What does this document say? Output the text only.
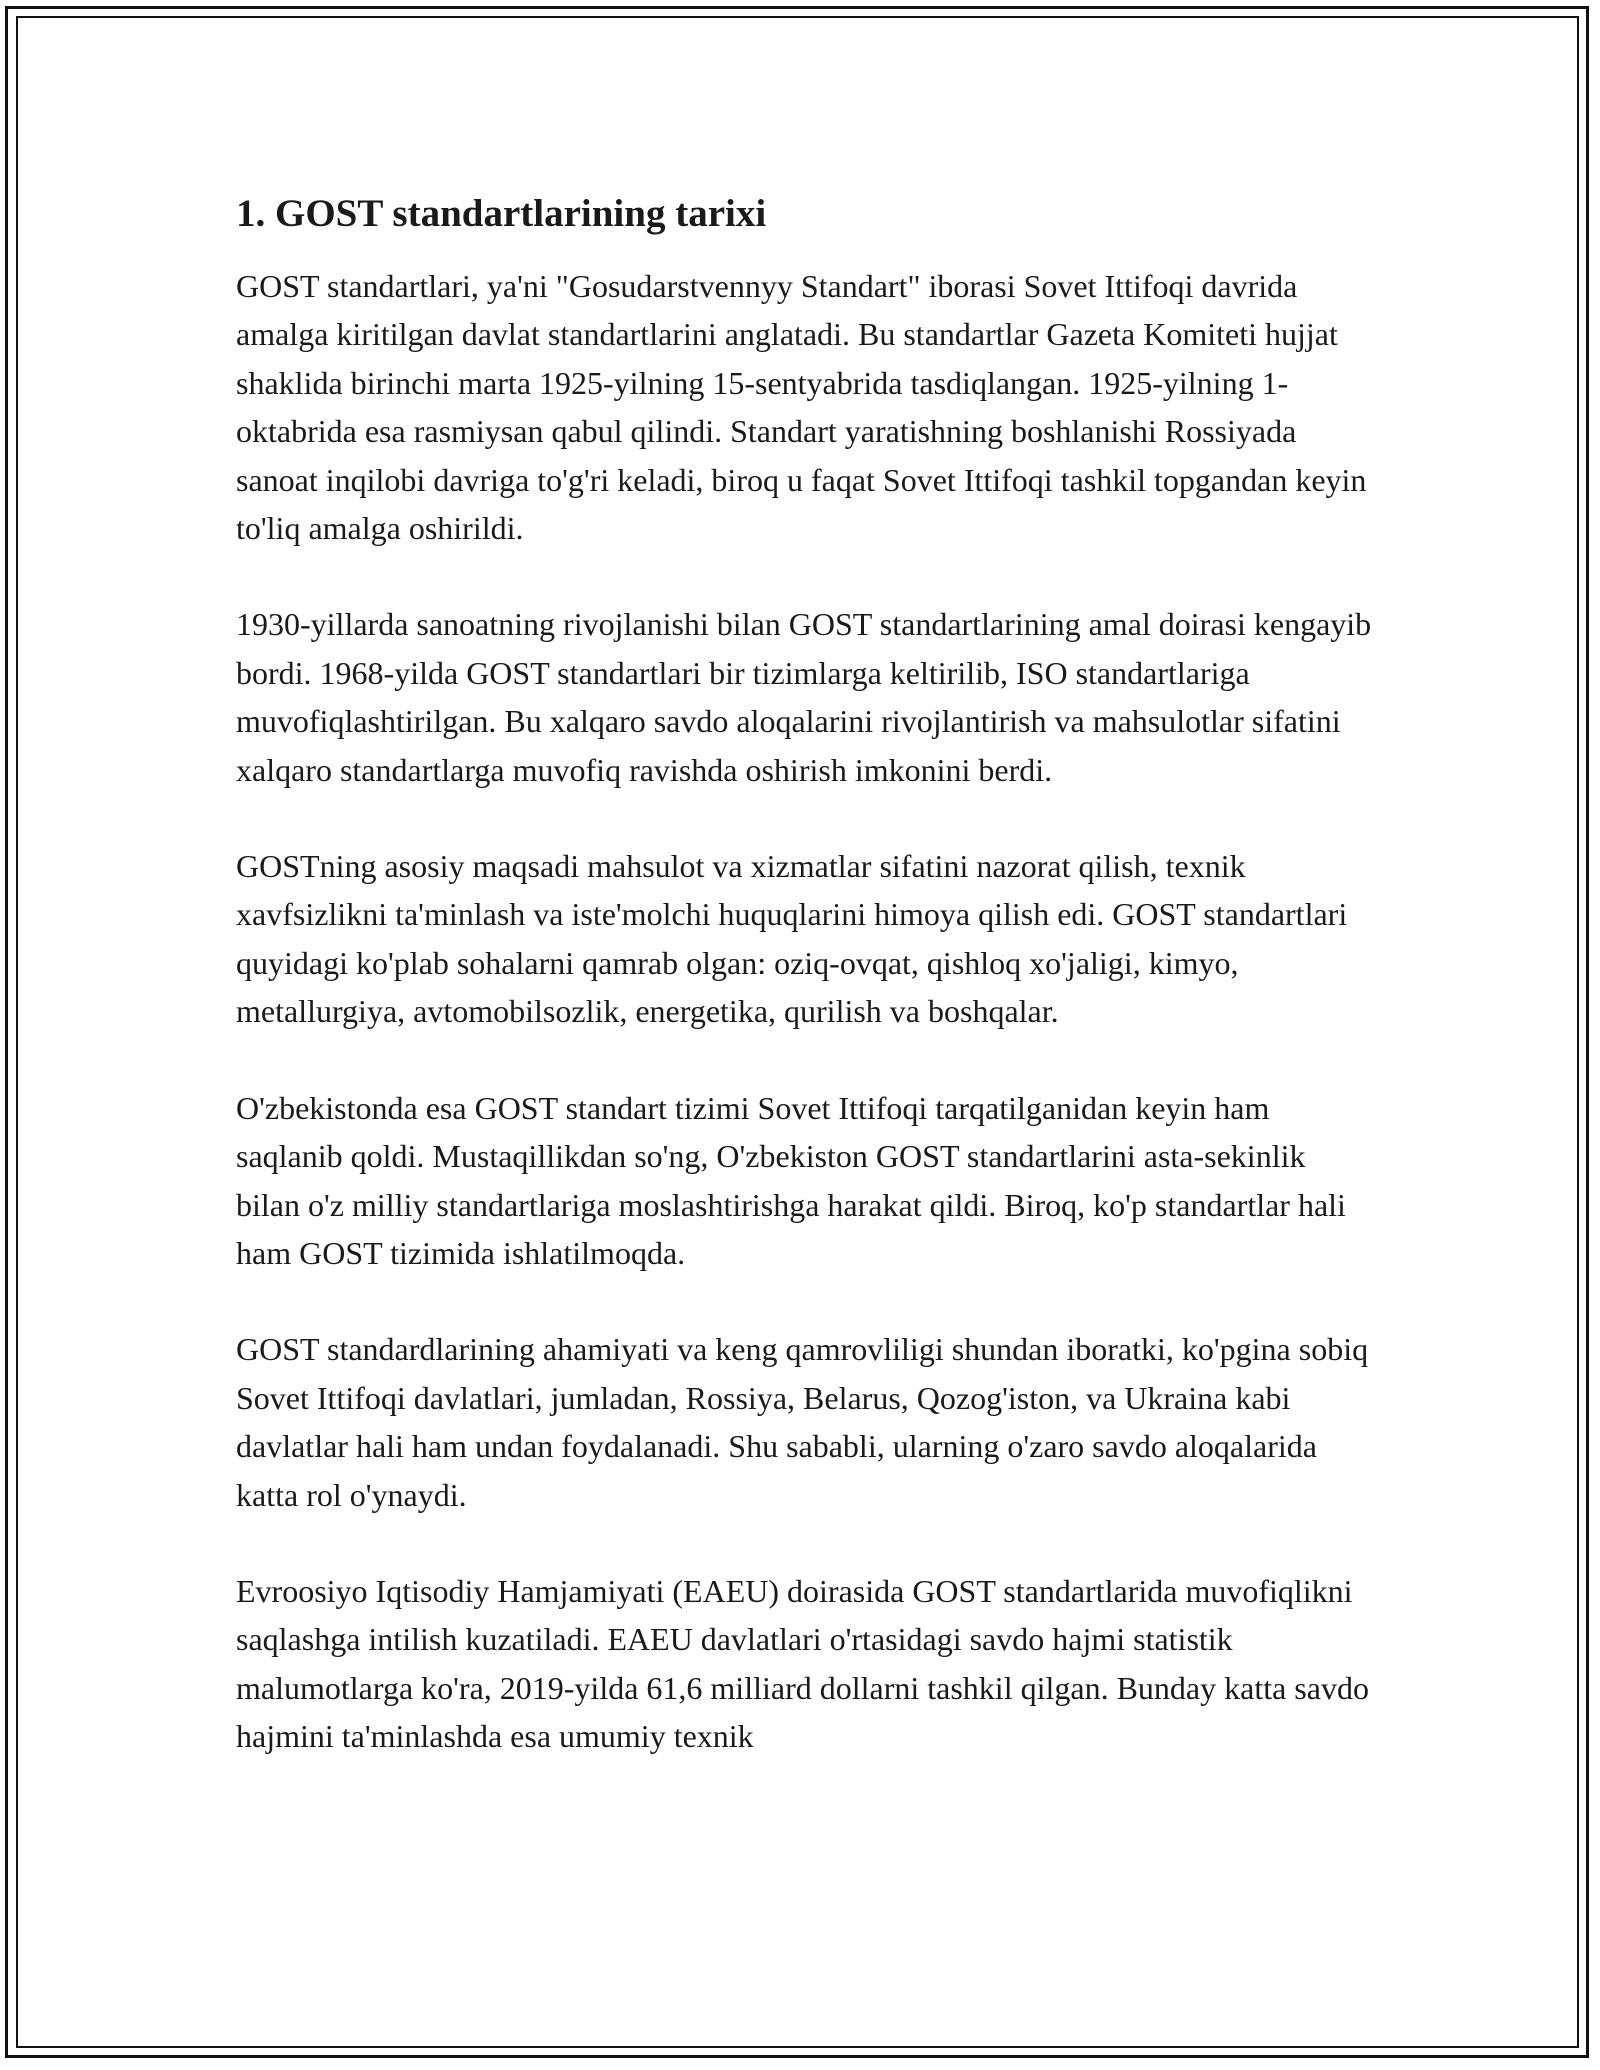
1. GOST standartlarining tarixi

GOST standartlari, ya'ni "Gosudarstvennyy Standart" iborasi Sovet Ittifoqi davrida amalga kiritilgan davlat standartlarini anglatadi. Bu standartlar Gazeta Komiteti hujjat shaklida birinchi marta 1925-yilning 15-sentyabrida tasdiqlangan. 1925-yilning 1-oktabrida esa rasmiysan qabul qilindi. Standart yaratishning boshlanishi Rossiyada sanoat inqilobi davriga to'g'ri keladi, biroq u faqat Sovet Ittifoqi tashkil topgandan keyin to'liq amalga oshirildi.

1930-yillarda sanoatning rivojlanishi bilan GOST standartlarining amal doirasi kengayib bordi. 1968-yilda GOST standartlari bir tizimlarga keltirilib, ISO standartlariga muvofiqlashtirilgan. Bu xalqaro savdo aloqalarini rivojlantirish va mahsulotlar sifatini xalqaro standartlarga muvofiq ravishda oshirish imkonini berdi.

GOSTning asosiy maqsadi mahsulot va xizmatlar sifatini nazorat qilish, texnik xavfsizlikni ta'minlash va iste'molchi huquqlarini himoya qilish edi. GOST standartlari quyidagi ko'plab sohalarni qamrab olgan: oziq-ovqat, qishloq xo'jaligi, kimyo, metallurgiya, avtomobilsozlik, energetika, qurilish va boshqalar.

O'zbekistonda esa GOST standart tizimi Sovet Ittifoqi tarqatilganidan keyin ham saqlanib qoldi. Mustaqillikdan so'ng, O'zbekiston GOST standartlarini asta-sekinlik bilan o'z milliy standartlariga moslashtirishga harakat qildi. Biroq, ko'p standartlar hali ham GOST tizimida ishlatilmoqda.

GOST standardlarining ahamiyati va keng qamrovliligi shundan iboratki, ko'pgina sobiq Sovet Ittifoqi davlatlari, jumladan, Rossiya, Belarus, Qozog'iston, va Ukraina kabi davlatlar hali ham undan foydalanadi. Shu sababli, ularning o'zaro savdo aloqalarida katta rol o'ynaydi.

Evroosiyo Iqtisodiy Hamjamiyati (EAEU) doirasida GOST standartlarida muvofiqlikni saqlashga intilish kuzatiladi. EAEU davlatlari o'rtasidagi savdo hajmi statistik malumotlarga ko'ra, 2019-yilda 61,6 milliard dollarni tashkil qilgan. Bunday katta savdo hajmini ta'minlashda esa umumiy texnik
